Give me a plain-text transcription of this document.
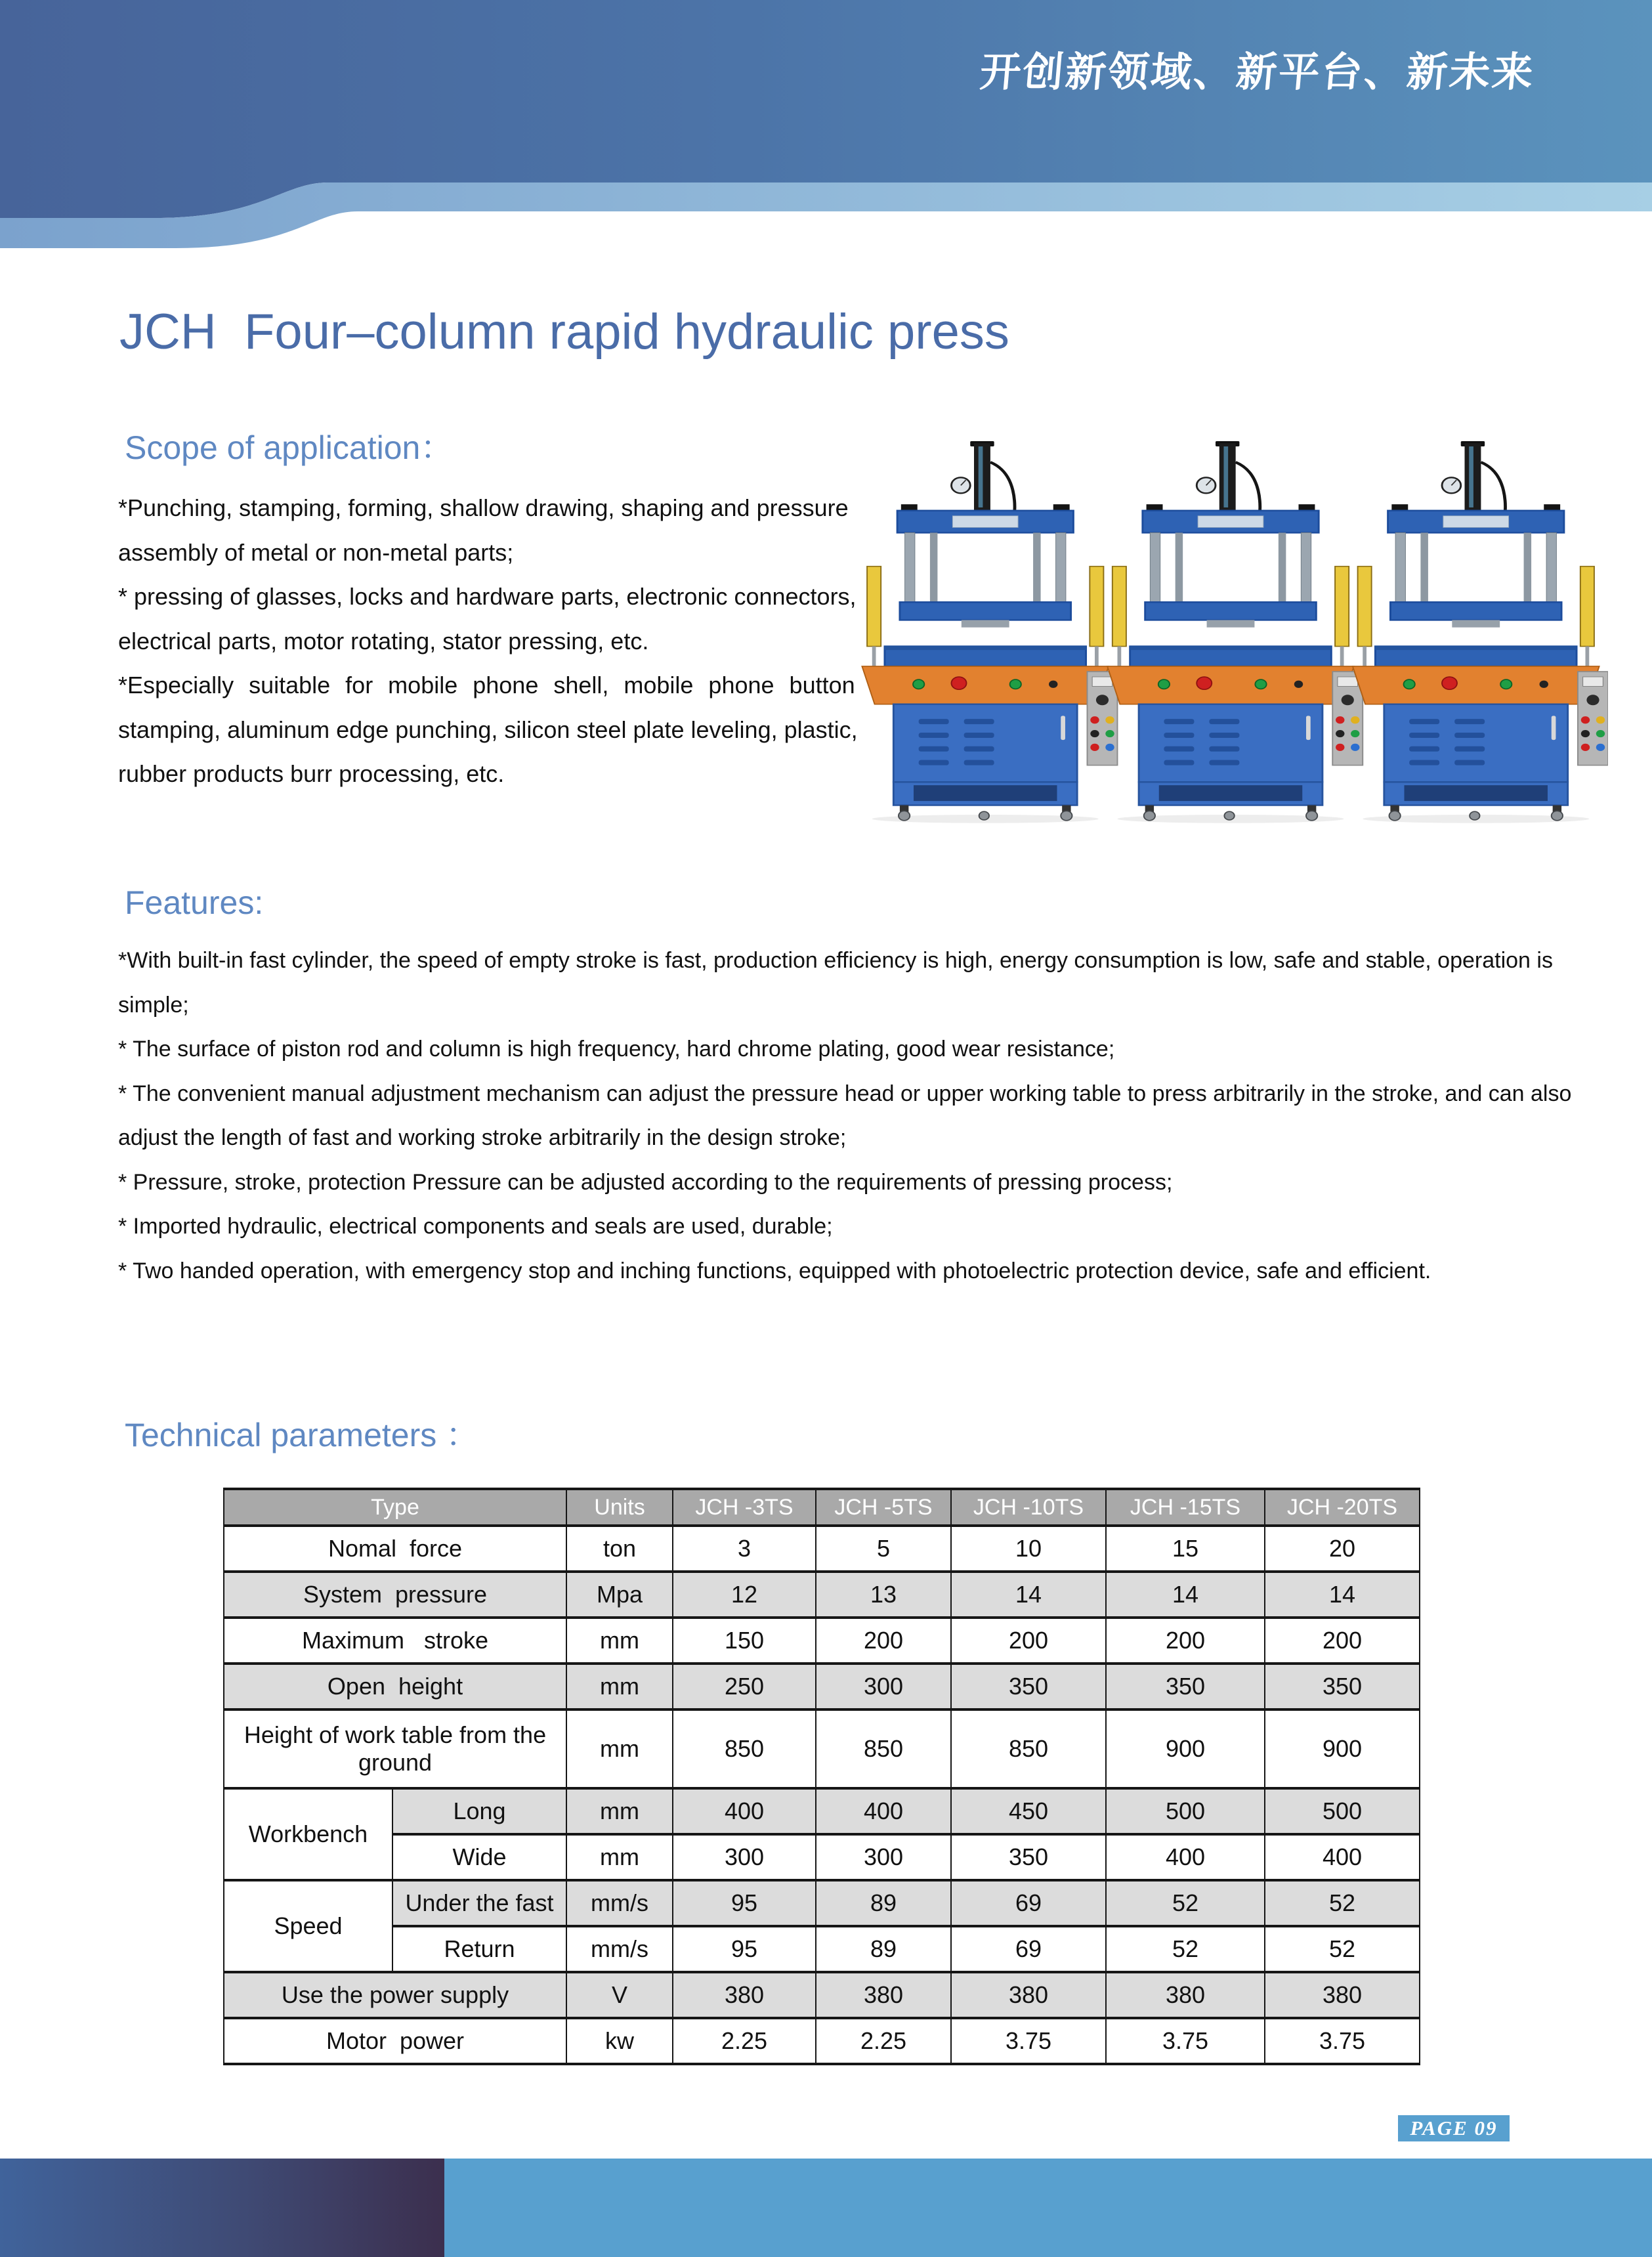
开创新领域、新平台、新未来
JCH  Four–column rapid hydraulic press
Scope of application：
*Punching, stamping, forming, shallow drawing, shaping and pressure
assembly of metal or non-metal parts;
* pressing of glasses, locks and hardware parts, electronic connectors,
electrical parts, motor rotating, stator pressing, etc.
*Especially suitable for mobile phone shell, mobile phone button
stamping, aluminum edge punching, silicon steel plate leveling, plastic,
rubber products burr processing, etc.
Features:
*With built-in fast cylinder, the speed of empty stroke is fast, production efficiency is high, energy consumption is low, safe and stable, operation is
simple;
* The surface of piston rod and column is high frequency, hard chrome plating, good wear resistance;
* The convenient manual adjustment mechanism can adjust the pressure head or upper working table to press arbitrarily in the stroke, and can also
adjust the length of fast and working stroke arbitrarily in the design stroke;
* Pressure, stroke, protection Pressure can be adjusted according to the requirements of pressing process;
* Imported hydraulic, electrical components and seals are used, durable;
* Two handed operation, with emergency stop and inching functions, equipped with photoelectric protection device, safe and efficient.
Technical parameters ：
Type		Units	JCH -3TS	JCH -5TS	JCH -10TS	JCH -15TS	JCH -20TS
Nomal  force		ton	3	5	10	15	20
System  pressure		Mpa	12	13	14	14	14
Maximum   stroke		mm	150	200	200	200	200
Open  height		mm	250	300	350	350	350
Height of work table from the ground		mm	850	850	850	900	900
Workbench	Long	mm	400	400	450	500	500
	Wide	mm	300	300	350	400	400
Speed	Under the fast	mm/s	95	89	69	52	52
	Return	mm/s	95	89	69	52	52
Use the power supply		V	380	380	380	380	380
Motor  power		kw	2.25	2.25	3.75	3.75	3.75
PAGE 09
